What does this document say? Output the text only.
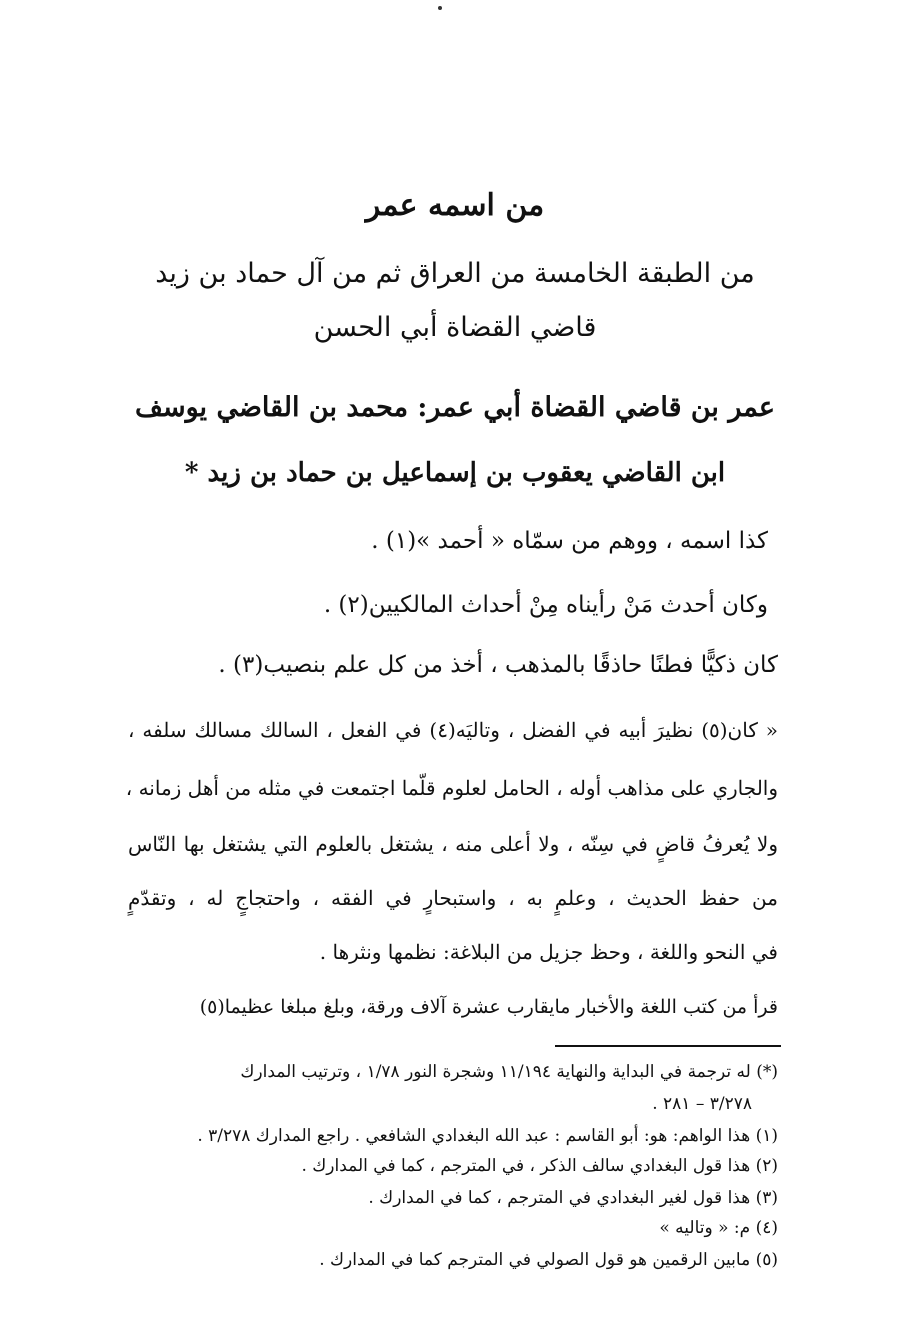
من اسمه عمر
من الطبقة الخامسة من العراق ثم من آل حماد بن زيد
قاضي القضاة أبي الحسن
عمر بن قاضي القضاة أبي عمر: محمد بن القاضي يوسف
ابن القاضي يعقوب بن إسماعيل بن حماد بن زيد *
كذا اسمه ، ووهم من سمّاه « أحمد »(١) .
وكان أحدث مَنْ رأيناه مِنْ أحداث المالكيين(٢) .
كان ذكيًّا فطنًا حاذقًا بالمذهب ، أخذ من كل علم بنصيب(٣) .
« كان(٥) نظيرَ أبيه في الفضل ، وتاليَه(٤) في الفعل ، السالك مسالك سلفه ،
والجاري على مذاهب أوله ، الحامل لعلوم قلّما اجتمعت في مثله من أهل زمانه ،
ولا يُعرفُ قاضٍ في سِنّه ، ولا أعلى منه ، يشتغل بالعلوم التي يشتغل بها النّاس
من حفظ الحديث ، وعلمٍ به ، واستبحارٍ في الفقه ، واحتجاجٍ له ، وتقدّمٍ
في النحو واللغة ، وحظ جزيل من البلاغة: نظمها ونثرها .
قرأ من كتب اللغة والأخبار مايقارب عشرة آلاف ورقة، وبلغ مبلغا عظيما(٥)
(*) له ترجمة في البداية والنهاية ١١/١٩٤ وشجرة النور ١/٧٨ ، وترتيب المدارك
٣/٢٧٨ – ٢٨١ .
(١) هذا الواهم: هو: أبو القاسم : عبد الله البغدادي الشافعي . راجع المدارك ٣/٢٧٨ .
(٢) هذا قول البغدادي سالف الذكر ، في المترجم ، كما في المدارك .
(٣) هذا قول لغير البغدادي في المترجم ، كما في المدارك .
(٤) م: « وتاليه »
(٥) مابين الرقمين هو قول الصولي في المترجم كما في المدارك .
